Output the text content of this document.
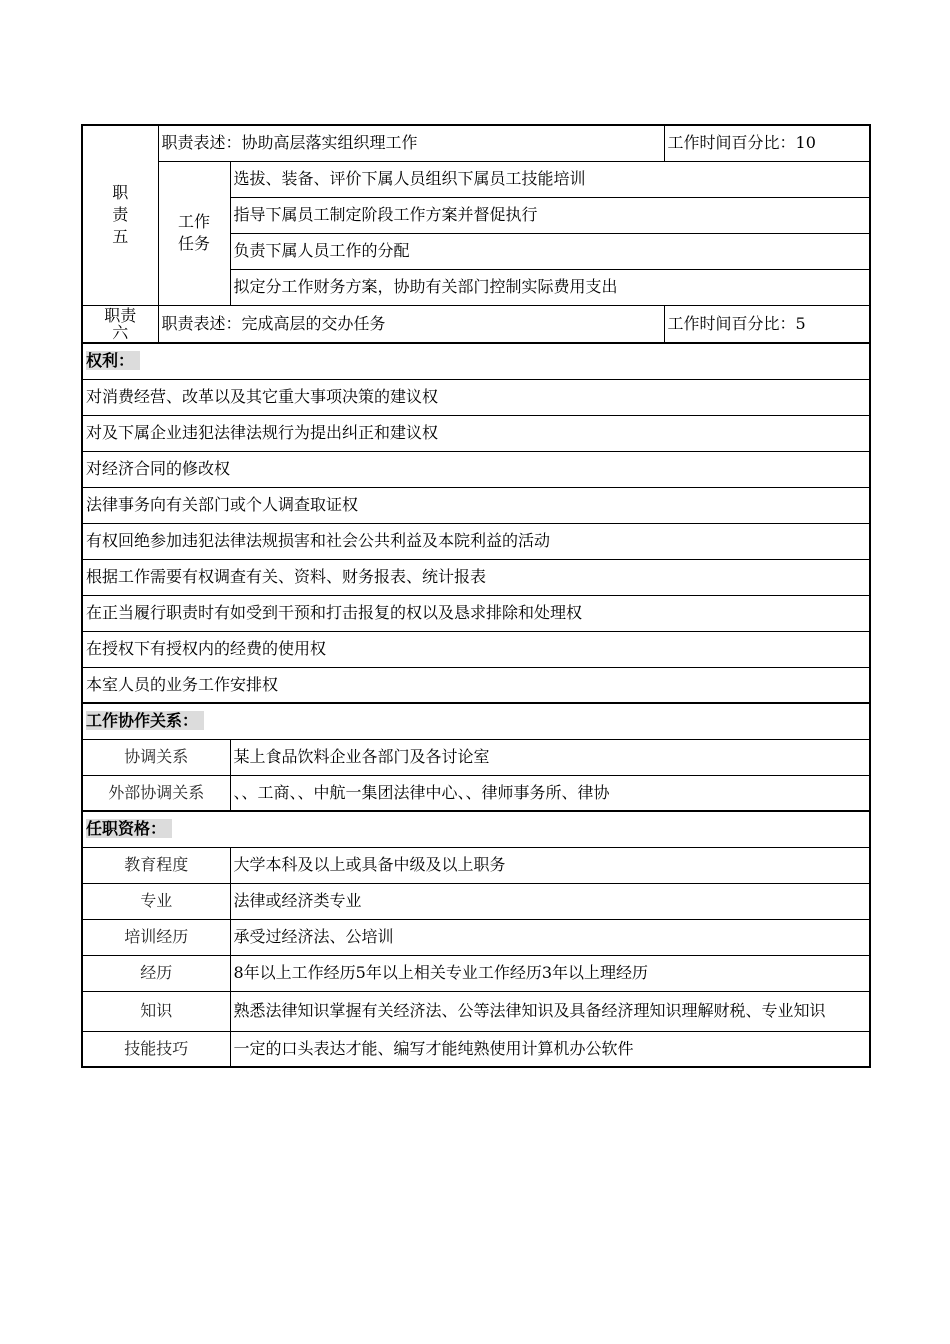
职
责
五	职责表述：协助高层落实组织理工作		工作时间百分比：10
	工作
任务	选拔、装备、评价下属人员组织下属员工技能培训	
		指导下属员工制定阶段工作方案并督促执行	
		负责下属人员工作的分配	
		拟定分工作财务方案，协助有关部门控制实际费用支出	
职责
六	职责表述：完成高层的交办任务		工作时间百分比：5
权利：			
对消费经营、改革以及其它重大事项决策的建议权			
对及下属企业违犯法律法规行为提出纠正和建议权			
对经济合同的修改权			
法律事务向有关部门或个人调查取证权			
有权回绝参加违犯法律法规损害和社会公共利益及本院利益的活动			
根据工作需要有权调查有关、资料、财务报表、统计报表			
在正当履行职责时有如受到干预和打击报复的权以及恳求排除和处理权			
在授权下有授权内的经费的使用权			
本室人员的业务工作安排权			
工作协作关系：			
协调关系		某上食品饮料企业各部门及各讨论室	
外部协调关系		、、工商、、中航一集团法律中心、、律师事务所、律协	
任职资格：			
教育程度		大学本科及以上或具备中级及以上职务	
专业		法律或经济类专业	
培训经历		承受过经济法、公培训	
经历		8年以上工作经历5年以上相关专业工作经历3年以上理经历	
知识		熟悉法律知识掌握有关经济法、公等法律知识及具备经济理知识理解财税、专业知识	
技能技巧		一定的口头表达才能、编写才能纯熟使用计算机办公软件	
